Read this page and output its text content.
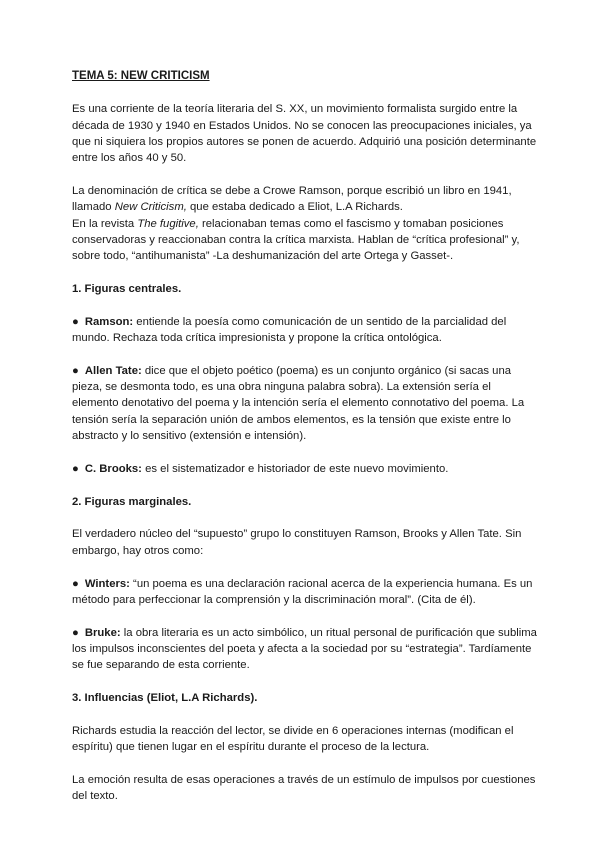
TEMA 5: NEW CRITICISM

Es una corriente de la teoría literaria del S. XX, un movimiento formalista surgido entre la década de 1930 y 1940 en Estados Unidos. No se conocen las preocupaciones iniciales, ya que ni siquiera los propios autores se ponen de acuerdo. Adquirió una posición determinante entre los años 40 y 50.

La denominación de crítica se debe a Crowe Ramson, porque escribió un libro en 1941, llamado New Criticism, que estaba dedicado a Eliot, L.A Richards.

En la revista The fugitive, relacionaban temas como el fascismo y tomaban posiciones conservadoras y reaccionaban contra la crítica marxista. Hablan de “crítica profesional” y, sobre todo, “antihumanista” -La deshumanización del arte Ortega y Gasset-.

1. Figuras centrales.

● Ramson: entiende la poesía como comunicación de un sentido de la parcialidad del mundo. Rechaza toda crítica impresionista y propone la crítica ontológica.

● Allen Tate: dice que el objeto poético (poema) es un conjunto orgánico (si sacas una pieza, se desmonta todo, es una obra ninguna palabra sobra). La extensión sería el elemento denotativo del poema y la intención sería el elemento connotativo del poema. La tensión sería la separación unión de ambos elementos, es la tensión que existe entre lo abstracto y lo sensitivo (extensión e intensión).

● C. Brooks: es el sistematizador e historiador de este nuevo movimiento.

2. Figuras marginales.

El verdadero núcleo del “supuesto” grupo lo constituyen Ramson, Brooks y Allen Tate. Sin embargo, hay otros como:

● Winters: “un poema es una declaración racional acerca de la experiencia humana. Es un método para perfeccionar la comprensión y la discriminación moral”. (Cita de él).

● Bruke: la obra literaria es un acto simbólico, un ritual personal de purificación que sublima los impulsos inconscientes del poeta y afecta a la sociedad por su “estrategia”. Tardíamente se fue separando de esta corriente.

3. Influencias (Eliot, L.A Richards).

Richards estudia la reacción del lector, se divide en 6 operaciones internas (modifican el espíritu) que tienen lugar en el espíritu durante el proceso de la lectura.

La emoción resulta de esas operaciones a través de un estímulo de impulsos por cuestiones del texto.
